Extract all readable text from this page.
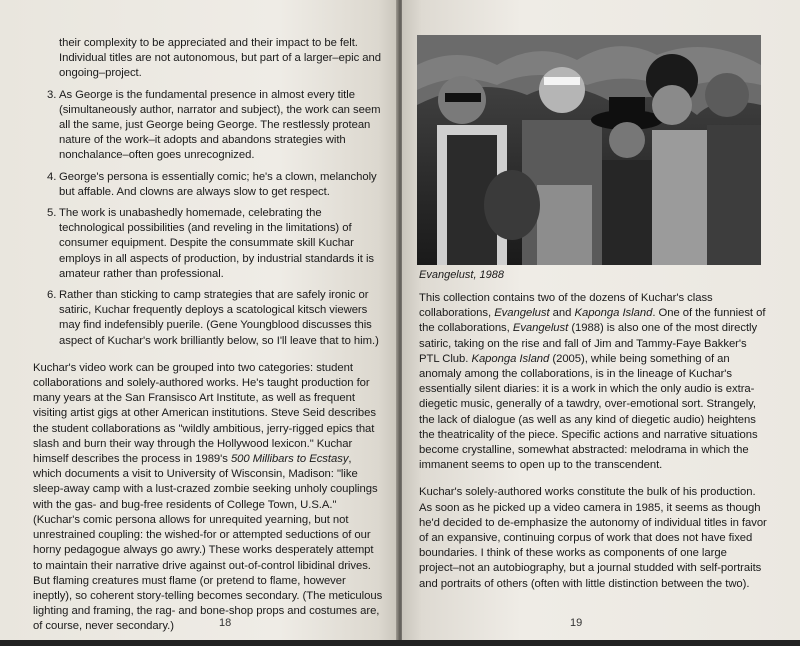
their complexity to be appreciated and their impact to be felt. Individual titles are not autonomous, but part of a larger–epic and ongoing–project.

3. As George is the fundamental presence in almost every title (simultaneously author, narrator and subject), the work can seem all the same, just George being George. The restlessly protean nature of the work–it adopts and abandons strategies with nonchalance–often goes unrecognized.
4. George's persona is essentially comic; he's a clown, melancholy but affable. And clowns are always slow to get respect.
5. The work is unabashedly homemade, celebrating the technological possibilities (and reveling in the limitations) of consumer equipment. Despite the consummate skill Kuchar employs in all aspects of production, by industrial standards it is amateur rather than professional.
6. Rather than sticking to camp strategies that are safely ironic or satiric, Kuchar frequently deploys a scatological kitsch viewers may find indefensibly puerile. (Gene Youngblood discusses this aspect of Kuchar's work brilliantly below, so I'll leave that to him.)

Kuchar's video work can be grouped into two categories: student collaborations and solely-authored works. He's taught production for many years at the San Fransisco Art Institute, as well as frequent visiting artist gigs at other American institutions. Steve Seid describes the student collaborations as "wildly ambitious, jerry-rigged epics that slash and burn their way through the Hollywood lexicon." Kuchar himself describes the process in 1989's 500 Millibars to Ecstasy, which documents a visit to University of Wisconsin, Madison: "like sleep-away camp with a lust-crazed zombie seeking unholy couplings with the gas- and bug-free residents of College Town, U.S.A." (Kuchar's comic persona allows for unrequited yearning, but not unrestrained coupling: the wished-for or attempted seductions of our horny pedagogue always go awry.) These works desperately attempt to maintain their narrative drive against out-of-control libidinal drives. But flaming creatures must flame (or pretend to flame, however ineptly), so coherent story-telling becomes secondary. (The meticulous lighting and framing, the rag- and bone-shop props and costumes are, of course, never secondary.)	18
Evangelust, 1988

This collection contains two of the dozens of Kuchar's class collaborations, Evangelust and Kaponga Island. One of the funniest of the collaborations, Evangelust (1988) is also one of the most directly satiric, taking on the rise and fall of Jim and Tammy-Faye Bakker's PTL Club. Kaponga Island (2005), while being something of an anomaly among the collaborations, is in the lineage of Kuchar's essentially silent diaries: it is a work in which the only audio is extra-diegetic music, generally of a tawdry, over-emotional sort. Strangely, the lack of dialogue (as well as any kind of diegetic audio) heightens the theatricality of the piece. Specific actions and narrative situations become crystalline, somewhat abstracted: melodrama in which the immanent seems to open up to the transcendent.

Kuchar's solely-authored works constitute the bulk of his production. As soon as he picked up a video camera in 1985, it seems as though he'd decided to de-emphasize the autonomy of individual titles in favor of an expansive, continuing corpus of work that does not have fixed boundaries. I think of these works as components of one large project–not an autobiography, but a journal studded with self-portraits and portraits of others (often with little distinction between the two).

19
